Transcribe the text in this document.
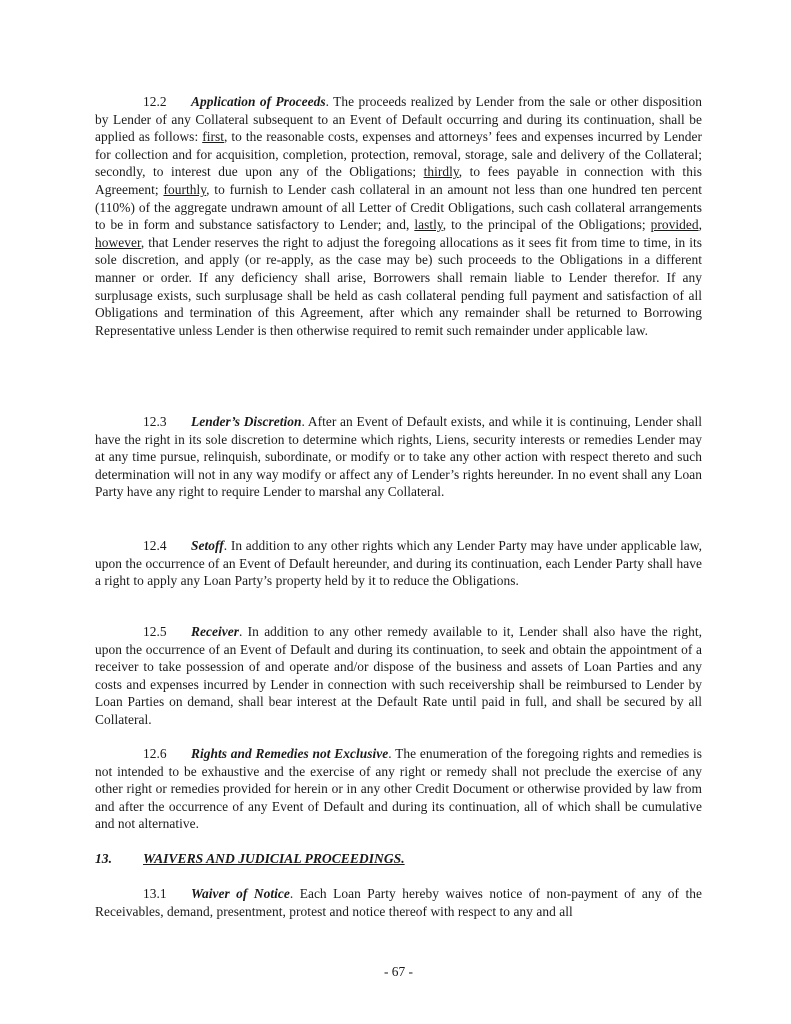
12.2 Application of Proceeds. The proceeds realized by Lender from the sale or other disposition by Lender of any Collateral subsequent to an Event of Default occurring and during its continuation, shall be applied as follows: first, to the reasonable costs, expenses and attorneys’ fees and expenses incurred by Lender for collection and for acquisition, completion, protection, removal, storage, sale and delivery of the Collateral; secondly, to interest due upon any of the Obligations; thirdly, to fees payable in connection with this Agreement; fourthly, to furnish to Lender cash collateral in an amount not less than one hundred ten percent (110%) of the aggregate undrawn amount of all Letter of Credit Obligations, such cash collateral arrangements to be in form and substance satisfactory to Lender; and, lastly, to the principal of the Obligations; provided, however, that Lender reserves the right to adjust the foregoing allocations as it sees fit from time to time, in its sole discretion, and apply (or re-apply, as the case may be) such proceeds to the Obligations in a different manner or order. If any deficiency shall arise, Borrowers shall remain liable to Lender therefor. If any surplusage exists, such surplusage shall be held as cash collateral pending full payment and satisfaction of all Obligations and termination of this Agreement, after which any remainder shall be returned to Borrowing Representative unless Lender is then otherwise required to remit such remainder under applicable law.

12.3 Lender’s Discretion. After an Event of Default exists, and while it is continuing, Lender shall have the right in its sole discretion to determine which rights, Liens, security interests or remedies Lender may at any time pursue, relinquish, subordinate, or modify or to take any other action with respect thereto and such determination will not in any way modify or affect any of Lender’s rights hereunder. In no event shall any Loan Party have any right to require Lender to marshal any Collateral.

12.4 Setoff. In addition to any other rights which any Lender Party may have under applicable law, upon the occurrence of an Event of Default hereunder, and during its continuation, each Lender Party shall have a right to apply any Loan Party’s property held by it to reduce the Obligations.

12.5 Receiver. In addition to any other remedy available to it, Lender shall also have the right, upon the occurrence of an Event of Default and during its continuation, to seek and obtain the appointment of a receiver to take possession of and operate and/or dispose of the business and assets of Loan Parties and any costs and expenses incurred by Lender in connection with such receivership shall be reimbursed to Lender by Loan Parties on demand, shall bear interest at the Default Rate until paid in full, and shall be secured by all Collateral.

12.6 Rights and Remedies not Exclusive. The enumeration of the foregoing rights and remedies is not intended to be exhaustive and the exercise of any right or remedy shall not preclude the exercise of any other right or remedies provided for herein or in any other Credit Document or otherwise provided by law from and after the occurrence of any Event of Default and during its continuation, all of which shall be cumulative and not alternative.

13. WAIVERS AND JUDICIAL PROCEEDINGS.

13.1 Waiver of Notice. Each Loan Party hereby waives notice of non-payment of any of the Receivables, demand, presentment, protest and notice thereof with respect to any and all

- 67 -
